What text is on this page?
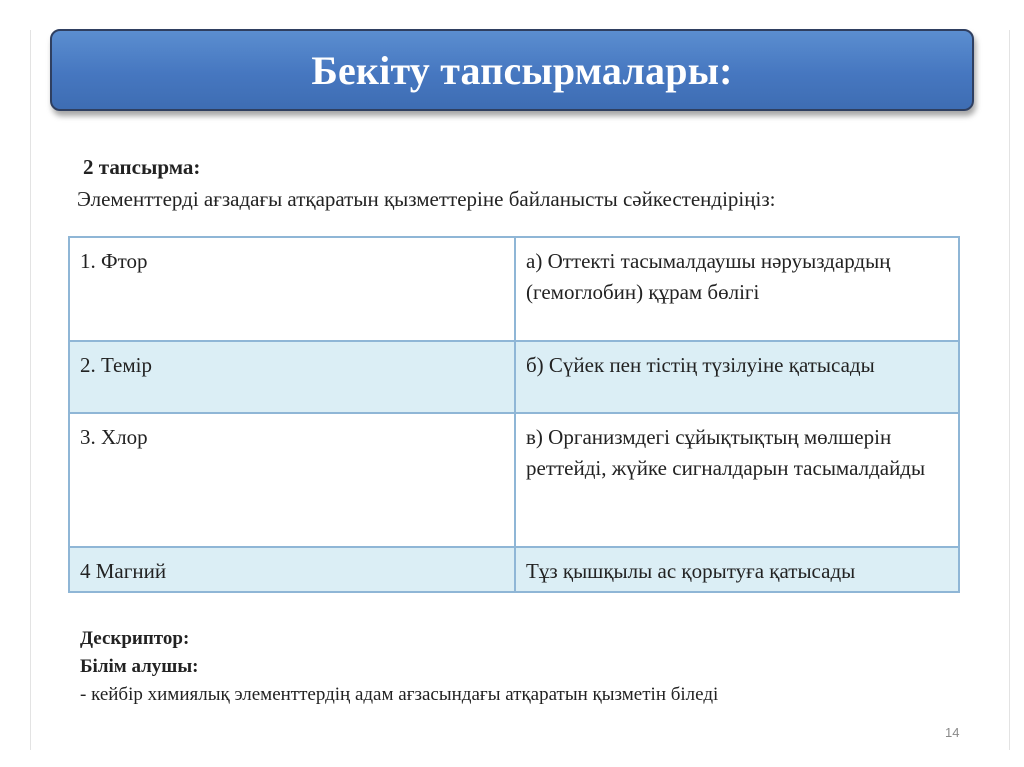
Бекіту тапсырмалары:
2 тапсырма:
Элементтерді ағзадағы атқаратын қызметтеріне байланысты сәйкестендіріңіз:
1. Фтор	а) Оттекті тасымалдаушы нәруыздардың (гемоглобин) құрам бөлігі
2. Темір	б) Сүйек пен тістің түзілуіне қатысады
3. Хлор	в) Организмдегі сұйықтықтың мөлшерін реттейді, жүйке сигналдарын тасымалдайды
4 Магний	Тұз қышқылы ас қорытуға қатысады
Дескриптор:
Білім алушы:
- кейбір химиялық элементтердің адам ағзасындағы атқаратын қызметін біледі
14
